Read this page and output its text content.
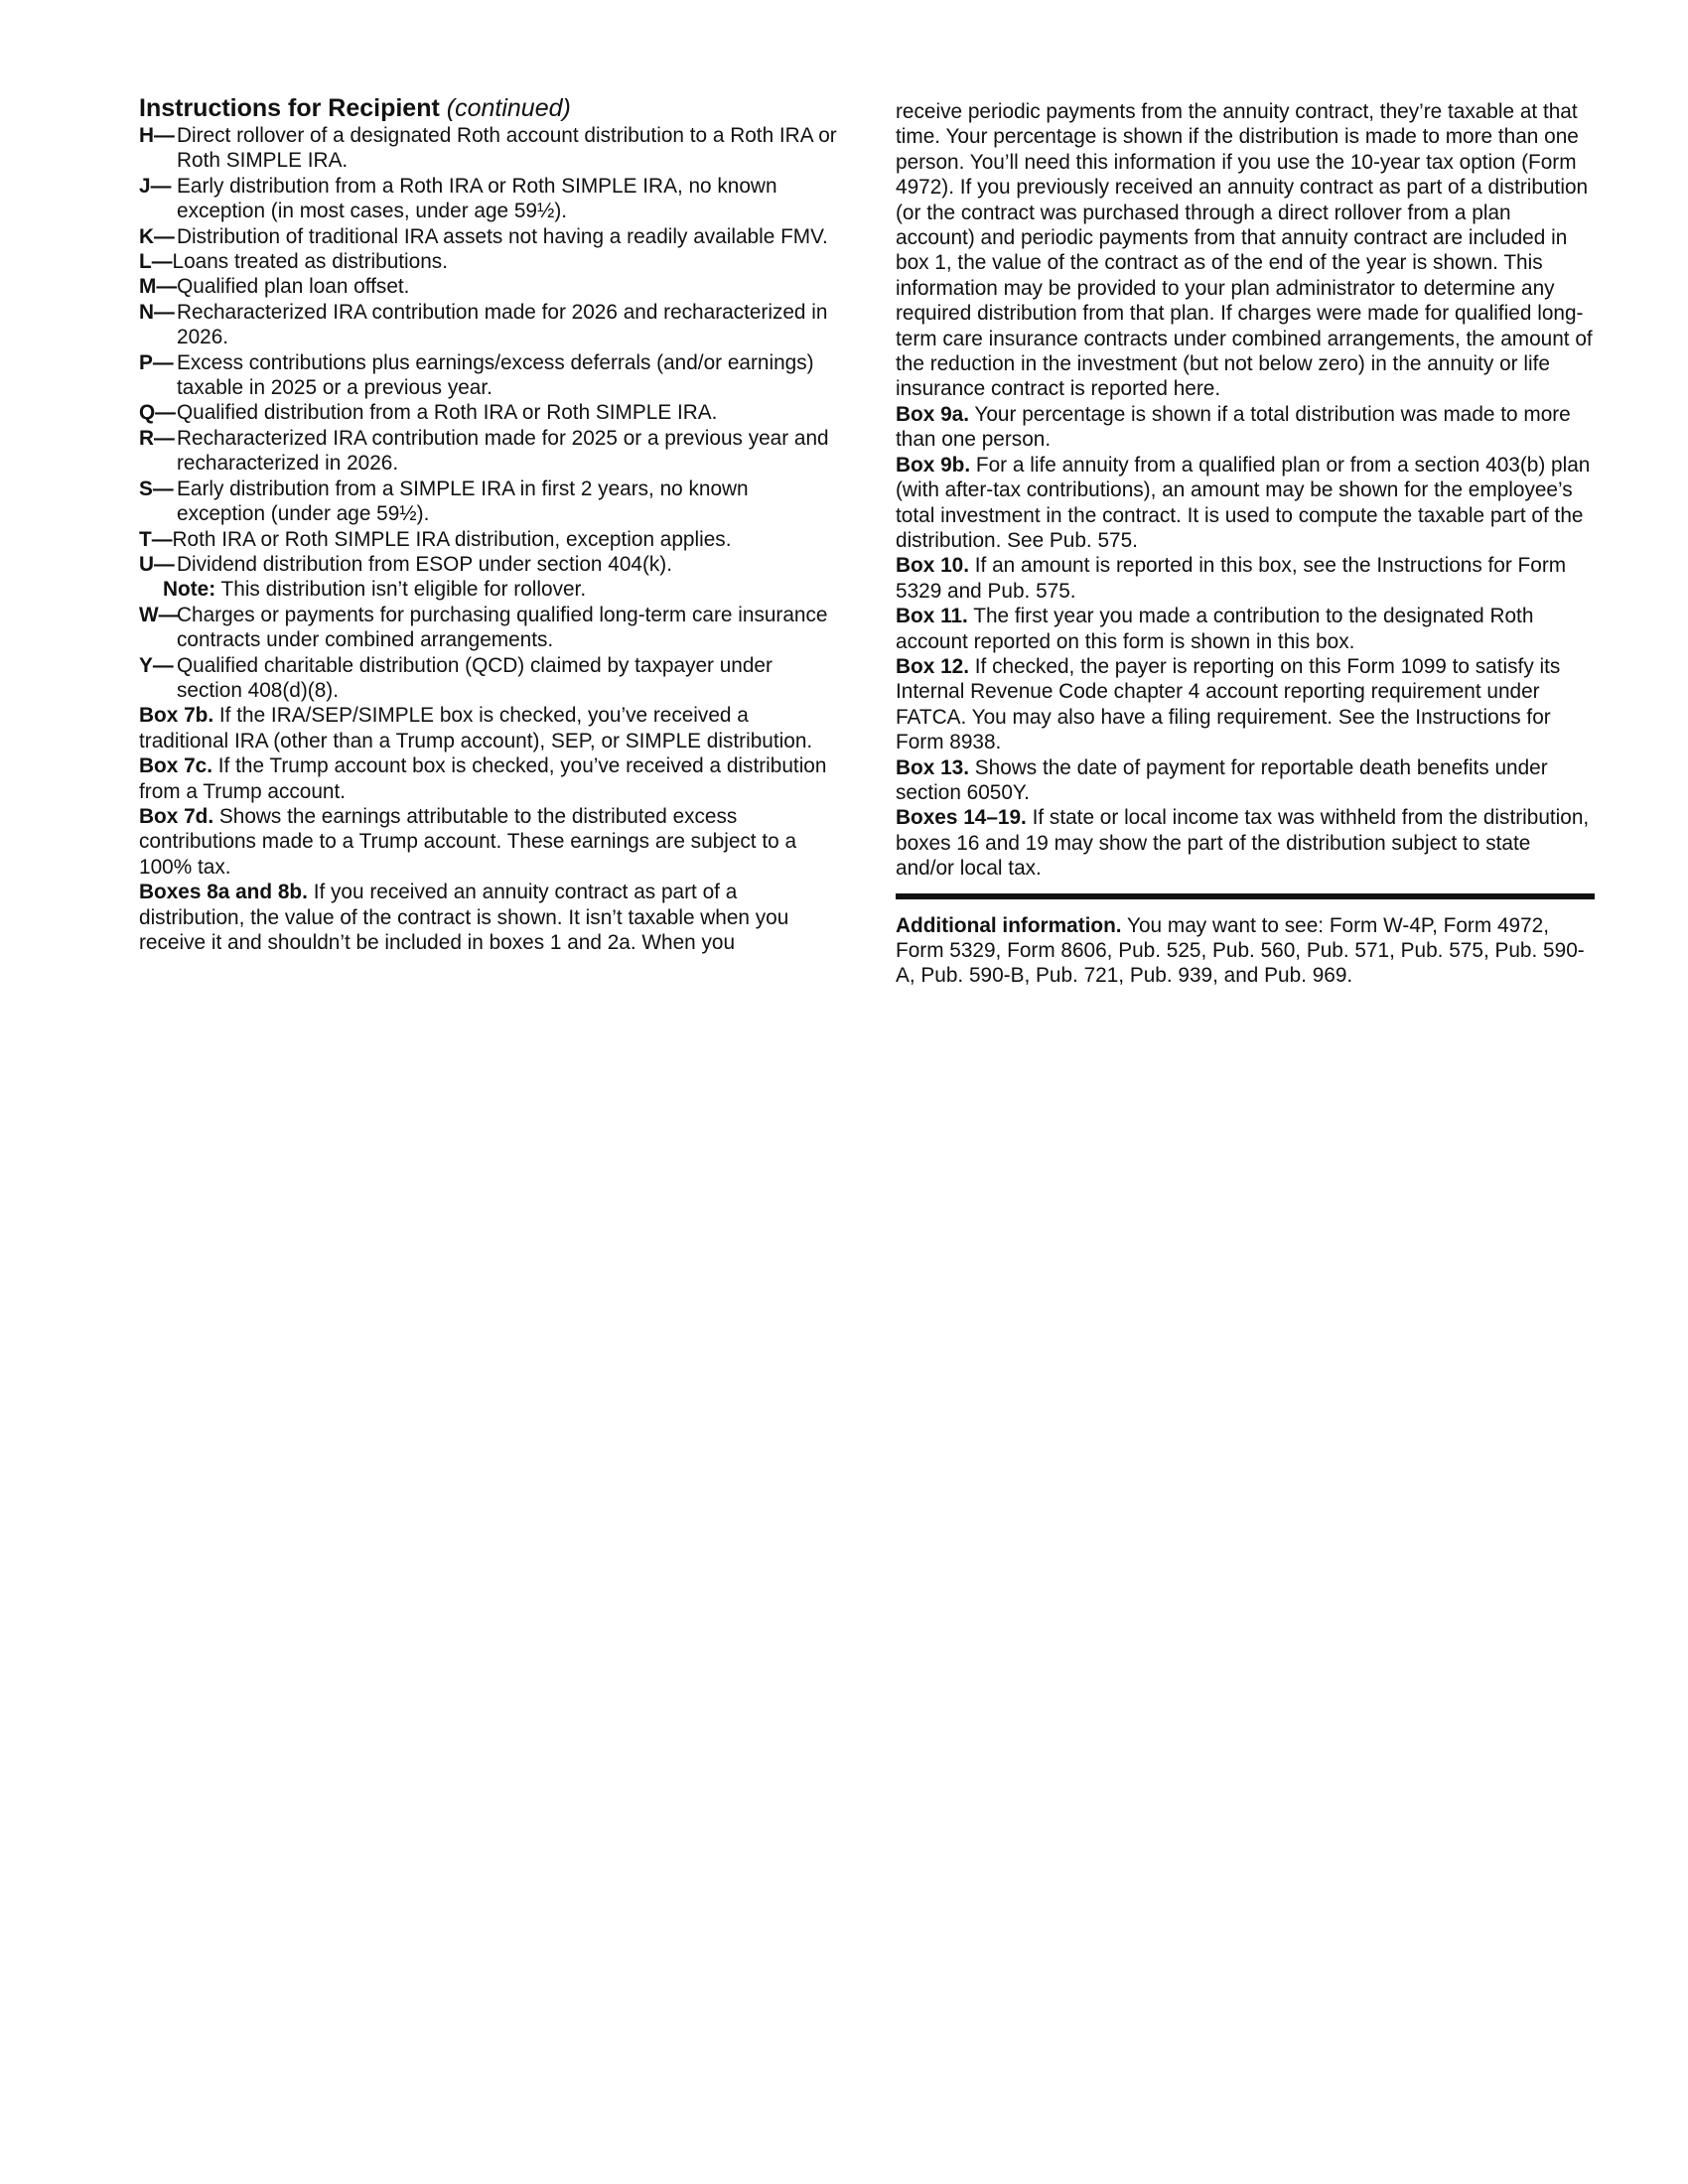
Instructions for Recipient (continued)

H— Direct rollover of a designated Roth account distribution to a Roth IRA or Roth SIMPLE IRA.

J— Early distribution from a Roth IRA or Roth SIMPLE IRA, no known exception (in most cases, under age 59½).

K— Distribution of traditional IRA assets not having a readily available FMV.

L—Loans treated as distributions.

M—Qualified plan loan offset.

N— Recharacterized IRA contribution made for 2026 and recharacterized in 2026.

P— Excess contributions plus earnings/excess deferrals (and/or earnings) taxable in 2025 or a previous year.

Q— Qualified distribution from a Roth IRA or Roth SIMPLE IRA.

R— Recharacterized IRA contribution made for 2025 or a previous year and recharacterized in 2026.

S— Early distribution from a SIMPLE IRA in first 2 years, no known exception (under age 59½).

T—Roth IRA or Roth SIMPLE IRA distribution, exception applies.

U— Dividend distribution from ESOP under section 404(k).

Note: This distribution isn’t eligible for rollover.

W—
Charges or payments for purchasing qualified long-term care insurance contracts under combined arrangements.

Y— Qualified charitable distribution (QCD) claimed by taxpayer under section 408(d)(8).

Box 7b. If the IRA/SEP/SIMPLE box is checked, you’ve received a traditional IRA (other than a Trump account), SEP, or SIMPLE distribution.

Box 7c. If the Trump account box is checked, you’ve received a distribution from a Trump account.

Box 7d. Shows the earnings attributable to the distributed excess contributions made to a Trump account. These earnings are subject to a 100% tax.

Boxes 8a and 8b. If you received an annuity contract as part of a distribution, the value of the contract is shown. It isn’t taxable when you receive it and shouldn’t be included in boxes 1 and 2a. When you

receive periodic payments from the annuity contract, they’re taxable at that time. Your percentage is shown if the distribution is made to more than one person. You’ll need this information if you use the 10-year tax option (Form 4972). If you previously received an annuity contract as part of a distribution (or the contract was purchased through a direct rollover from a plan account) and periodic payments from that annuity contract are included in box 1, the value of the contract as of the end of the year is shown. This information may be provided to your plan administrator to determine any required distribution from that plan. If charges were made for qualified long-term care insurance contracts under combined arrangements, the amount of the reduction in the investment (but not below zero) in the annuity or life insurance contract is reported here.

Box 9a. Your percentage is shown if a total distribution was made to more than one person.

Box 9b. For a life annuity from a qualified plan or from a section 403(b) plan (with after-tax contributions), an amount may be shown for the employee’s total investment in the contract. It is used to compute the taxable part of the distribution. See Pub. 575.

Box 10. If an amount is reported in this box, see the Instructions for Form 5329 and Pub. 575.

Box 11. The first year you made a contribution to the designated Roth account reported on this form is shown in this box.

Box 12. If checked, the payer is reporting on this Form 1099 to satisfy its Internal Revenue Code chapter 4 account reporting requirement under FATCA. You may also have a filing requirement. See the Instructions for Form 8938.

Box 13. Shows the date of payment for reportable death benefits under section 6050Y.

Boxes 14–19. If state or local income tax was withheld from the distribution, boxes 16 and 19 may show the part of the distribution subject to state and/or local tax.

Additional information. You may want to see: Form W-4P, Form 4972, Form 5329, Form 8606, Pub. 525, Pub. 560, Pub. 571, Pub. 575, Pub. 590-A, Pub. 590-B, Pub. 721, Pub. 939, and Pub. 969.
